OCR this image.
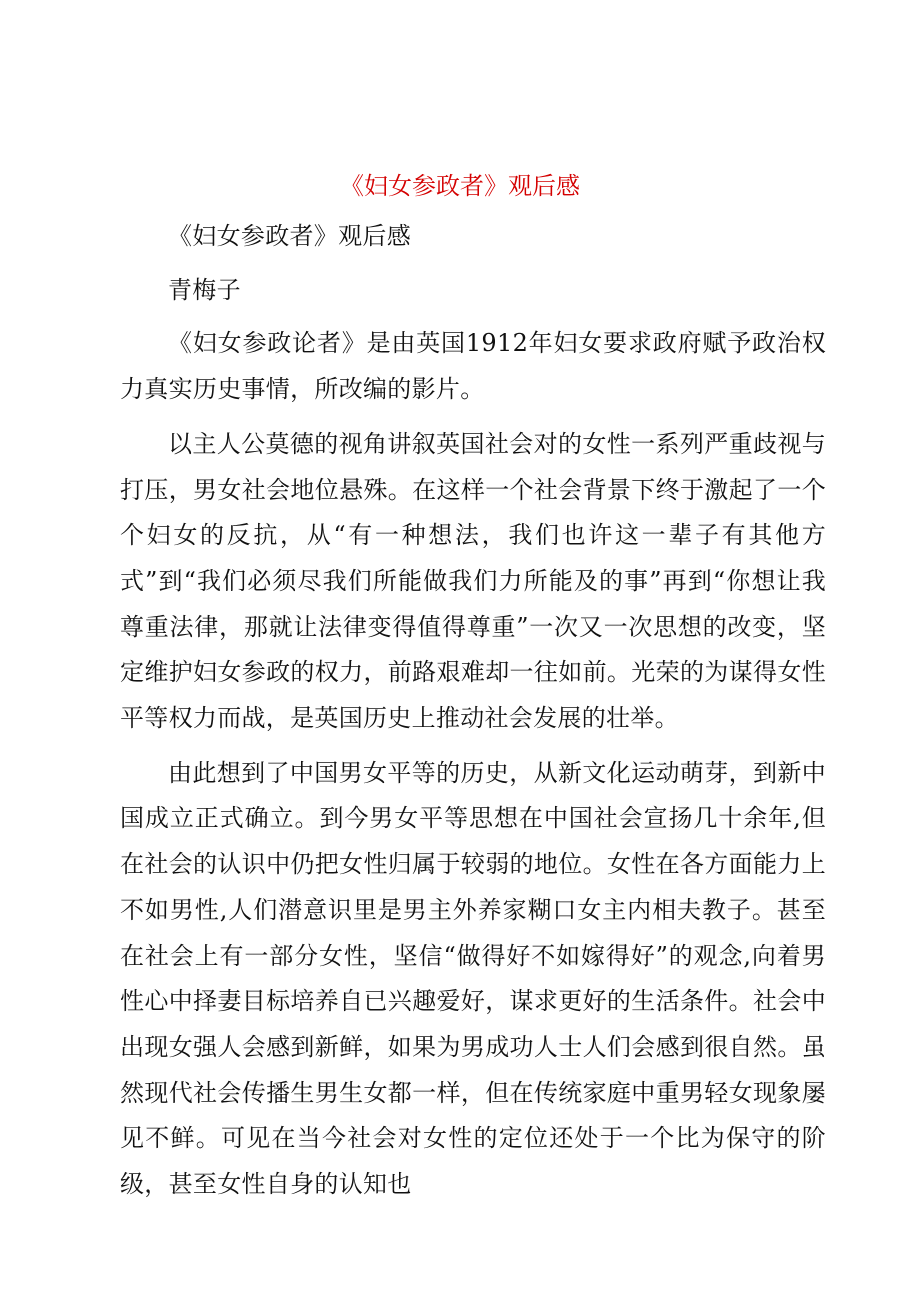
《妇女参政者》观后感

《妇女参政者》观后感

青梅子

《妇女参政论者》是由英国1912年妇女要求政府赋予政治权力真实历史事情，所改编的影片。

以主人公莫德的视角讲叙英国社会对的女性一系列严重歧视与打压，男女社会地位悬殊。在这样一个社会背景下终于激起了一个个妇女的反抗，从“有一种想法，我们也许这一辈子有其他方式”到“我们必须尽我们所能做我们力所能及的事”再到“你想让我尊重法律，那就让法律变得值得尊重”一次又一次思想的改变，坚定维护妇女参政的权力，前路艰难却一往如前。光荣的为谋得女性平等权力而战，是英国历史上推动社会发展的壮举。

由此想到了中国男女平等的历史，从新文化运动萌芽，到新中国成立正式确立。到今男女平等思想在中国社会宣扬几十余年,但在社会的认识中仍把女性归属于较弱的地位。女性在各方面能力上不如男性,人们潜意识里是男主外养家糊口女主内相夫教子。甚至在社会上有一部分女性，坚信“做得好不如嫁得好”的观念,向着男性心中择妻目标培养自已兴趣爱好，谋求更好的生活条件。社会中出现女强人会感到新鲜，如果为男成功人士人们会感到很自然。虽然现代社会传播生男生女都一样，但在传统家庭中重男轻女现象屡见不鲜。可见在当今社会对女性的定位还处于一个比为保守的阶级，甚至女性自身的认知也
